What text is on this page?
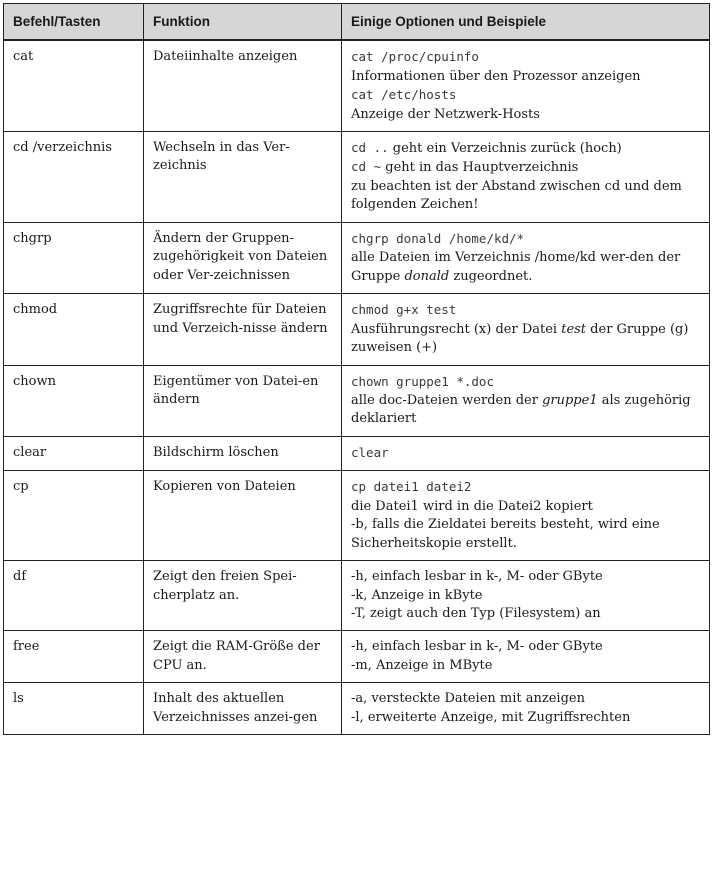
Befehl/Tasten	Funktion	Einige Optionen und Beispiele
cat	Dateiinhalte anzeigen	cat /proc/cpuinfo
Informationen über den Prozessor anzeigen
cat /etc/hosts
Anzeige der Netzwerk-Hosts

cd /verzeichnis	Wechseln in das Ver-zeichnis	cd .. geht ein Verzeichnis zurück (hoch)
cd ~ geht in das Hauptverzeichnis
zu beachten ist der Abstand zwischen cd und dem folgenden Zeichen!

chgrp	Ändern der Gruppen-zugehörigkeit von Dateien oder Ver-zeichnissen	chgrp donald /home/kd/*
alle Dateien im Verzeichnis /home/kd wer-den der Gruppe donald zugeordnet.

chmod	Zugriffsrechte für Dateien und Verzeich-nisse ändern	chmod g+x test
Ausführungsrecht (x) der Datei test der Gruppe (g) zuweisen (+)

chown	Eigentümer von Datei-en ändern	chown gruppe1 *.doc
alle doc-Dateien werden der gruppe1 als zugehörig deklariert

clear	Bildschirm löschen	clear

cp	Kopieren von Dateien	cp datei1 datei2
die Datei1 wird in die Datei2 kopiert
-b, falls die Zieldatei bereits besteht, wird eine Sicherheitskopie erstellt.

df	Zeigt den freien Spei-cherplatz an.	-h, einfach lesbar in k-, M- oder GByte
-k, Anzeige in kByte
-T, zeigt auch den Typ (Filesystem) an

free	Zeigt die RAM-Größe der CPU an.	-h, einfach lesbar in k-, M- oder GByte
-m, Anzeige in MByte

ls	Inhalt des aktuellen Verzeichnisses anzei-gen	-a, versteckte Dateien mit anzeigen
-l, erweiterte Anzeige, mit Zugriffsrechten
